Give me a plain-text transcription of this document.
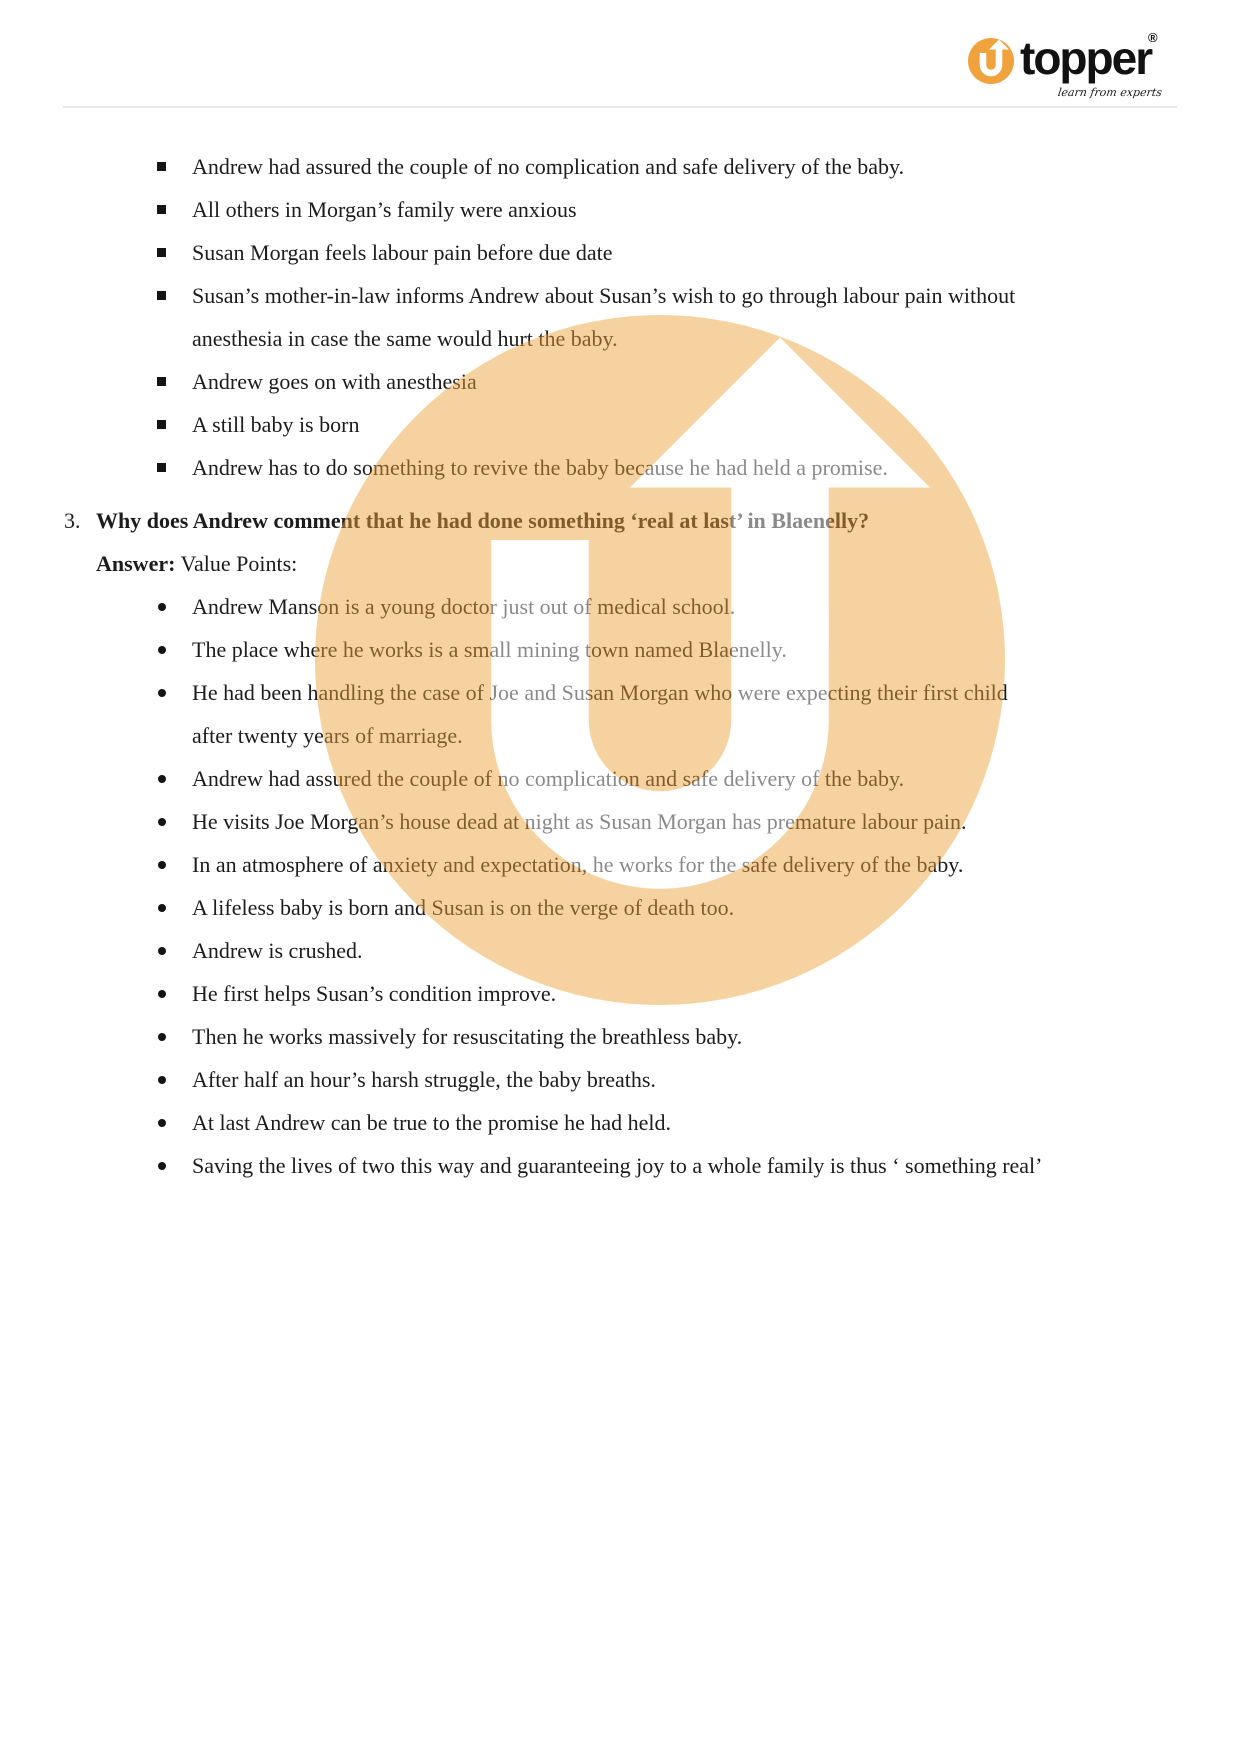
topper
®
learn from experts
Andrew had assured the couple of no complication and safe delivery of the baby.
All others in Morgan’s family were anxious
Susan Morgan feels labour pain before due date
Susan’s mother-in-law informs Andrew about Susan’s wish to go through labour pain without anesthesia in case the same would hurt the baby.
Andrew goes on with anesthesia
A still baby is born
Andrew has to do something to revive the baby because he had held a promise.
3. Why does Andrew comment that he had done something ‘real at last’ in Blaenelly?
Answer: Value Points:
Andrew Manson is a young doctor just out of medical school.
The place where he works is a small mining town named Blaenelly.
He had been handling the case of Joe and Susan Morgan who were expecting their first child after twenty years of marriage.
Andrew had assured the couple of no complication and safe delivery of the baby.
He visits Joe Morgan’s house dead at night as Susan Morgan has premature labour pain.
In an atmosphere of anxiety and expectation, he works for the safe delivery of the baby.
A lifeless baby is born and Susan is on the verge of death too.
Andrew is crushed.
He first helps Susan’s condition improve.
Then he works massively for resuscitating the breathless baby.
After half an hour’s harsh struggle, the baby breaths.
At last Andrew can be true to the promise he had held.
Saving the lives of two this way and guaranteeing joy to a whole family is thus ‘ something real’
